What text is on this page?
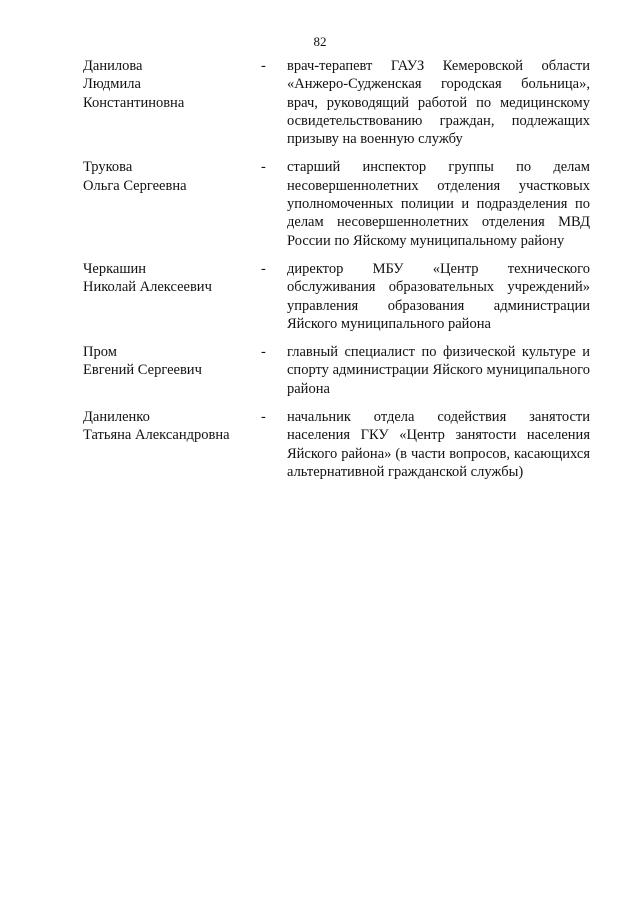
82
Данилова
Людмила
Константиновна
-	врач-терапевт ГАУЗ Кемеровской области «Анжеро-Судженская городская больница», врач, руководящий работой по медицинскому освидетельствованию граждан, подлежащих призыву на военную службу
Трукова
Ольга Сергеевна
-	старший инспектор группы по делам несовершеннолетних отделения участковых уполномоченных полиции и подразделения по делам несовершеннолетних отделения МВД России по Яйскому муниципальному району
Черкашин
Николай Алексеевич
-	директор МБУ «Центр технического обслуживания образовательных учреждений» управления образования администрации Яйского муниципального района
Пром
Евгений Сергеевич
-	главный специалист по физической культуре и спорту администрации Яйского муниципального района
Даниленко
Татьяна Александровна
-	начальник отдела содействия занятости населения ГКУ «Центр занятости населения Яйского района» (в части вопросов, касающихся альтернативной гражданской службы)
